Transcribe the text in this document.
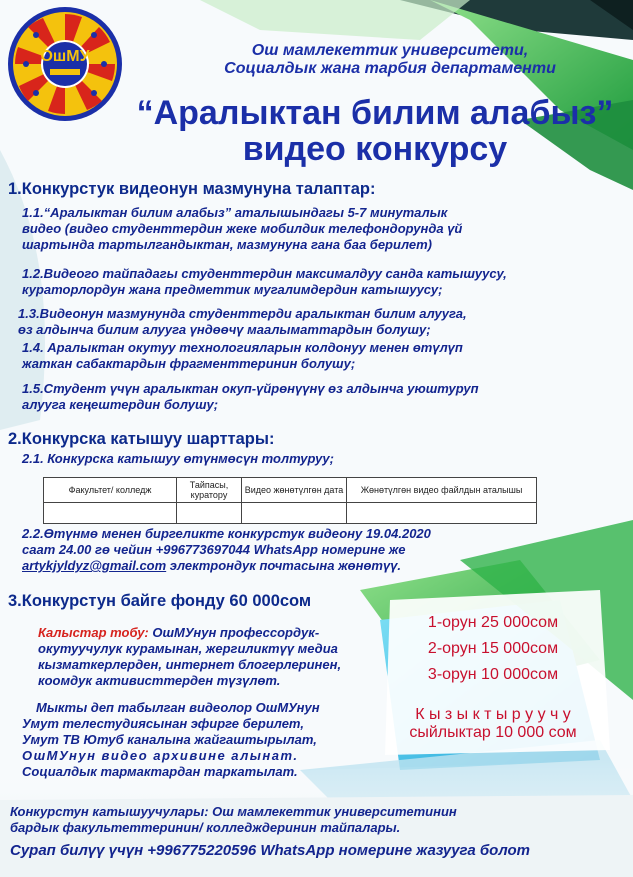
ОшМУ	Ош мамлекеттик университети,
Социалдык жана тарбия департаменти
“Аралыктан билим алабыз”
видео конкурсу
1.Конкурстук видеонун мазмунуна талаптар:
1.1.“Аралыктан билим алабыз” аталышындагы 5-7 минуталык
видео (видео студенттердин жеке мобилдик телефондорунда үй
шартында тартылгандыктан, мазмунуна гана баа берилет)
1.2.Видеого тайпадагы студенттердин максималдуу санда катышуусу,
кураторлордун жана предметтик мугалимдердин катышуусу;
1.3.Видеонун мазмунунда студенттерди аралыктан билим алууга,
өз алдынча билим алууга үндөөчү маалыматтардын болушу;
1.4. Аралыктан окутуу технологияларын колдонуу менен өтүлүп
жаткан сабактардын фрагменттеринин болушу;
1.5.Студент үчүн аралыктан окуп-үйрөнүүнү өз алдынча уюштуруп
алууга кеңештердин болушу;
2.Конкурска катышуу шарттары:
2.1. Конкурска катышуу өтүнмөсүн толтуруу;
Факультет/ колледж	Тайпасы, куратору	Видео жөнөтүлгөн дата	Жөнөтүлгөн видео файлдын аталышы

2.2.Өтүнмө менен биргеликте конкурстук видеону 19.04.2020
саат 24.00 гө чейин +996773697044 WhatsApp номерине же
artykjyldyz@gmail.com электрондук почтасына жөнөтүү.
3.Конкурстун байге фонду 60 000сом
Калыстар тобу: ОшМУнун профессордук-
окутуучулук курамынан, жергиликтүү медиа
кызматкерлерден, интернет блогерлеринен,
коомдук активисттерден түзүлөт.
Мыкты деп табылган видеолор ОшМУнун
Умут телестудиясынан эфирге берилет,
Умут ТВ Ютуб каналына жайгаштырылат,
ОшМУнун видео архивине алынат.
Социалдык тармактардан таркатылат.
1-орун 25 000сом
2-орун 15 000сом
3-орун 10 000сом
К ы з ы к т ы р у у ч у
сыйлыктар 10 000 сом
Конкурстун катышуучулары: Ош мамлекеттик университетинин
бардык факультеттеринин/ колледждеринин тайпалары.
Сурап билүү үчүн +996775220596 WhatsApp номерине жазууга болот
